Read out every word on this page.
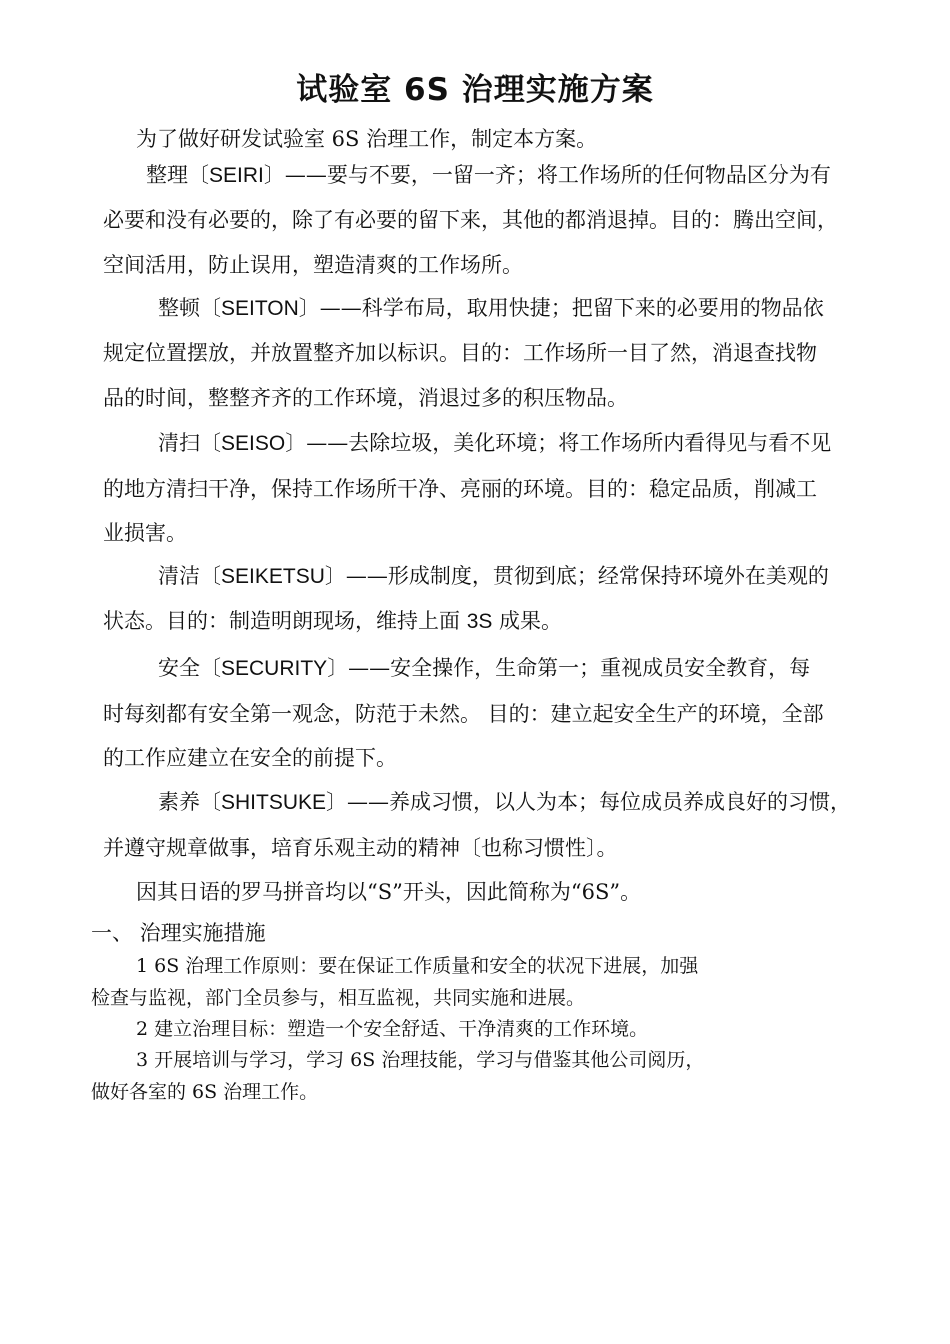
试验室 6S 治理实施方案
为了做好研发试验室 6S 治理工作，制定本方案。
整理〔SEIRI〕——要与不要，一留一齐；将工作场所的任何物品区分为有
必要和没有必要的，除了有必要的留下来，其他的都消退掉。目的：腾出空间，
空间活用，防止误用，塑造清爽的工作场所。
整顿〔SEITON〕——科学布局，取用快捷；把留下来的必要用的物品依
规定位置摆放，并放置整齐加以标识。目的：工作场所一目了然，消退查找物
品的时间，整整齐齐的工作环境，消退过多的积压物品。
清扫〔SEISO〕——去除垃圾，美化环境；将工作场所内看得见与看不见
的地方清扫干净，保持工作场所干净、亮丽的环境。目的：稳定品质，削减工
业损害。
清洁〔SEIKETSU〕——形成制度，贯彻到底；经常保持环境外在美观的
状态。目的：制造明朗现场，维持上面 3S 成果。
安全〔SECURITY〕——安全操作，生命第一；重视成员安全教育，每
时每刻都有安全第一观念，防范于未然。 目的：建立起安全生产的环境，全部
的工作应建立在安全的前提下。
素养〔SHITSUKE〕——养成习惯，以人为本；每位成员养成良好的习惯，
并遵守规章做事，培育乐观主动的精神〔也称习惯性〕。
因其日语的罗马拼音均以“S”开头，因此简称为“6S”。
一、 治理实施措施
1 6S 治理工作原则：要在保证工作质量和安全的状况下进展，加强
检查与监视，部门全员参与，相互监视，共同实施和进展。
2 建立治理目标：塑造一个安全舒适、干净清爽的工作环境。
3 开展培训与学习，学习 6S 治理技能，学习与借鉴其他公司阅历，
做好各室的 6S 治理工作。
